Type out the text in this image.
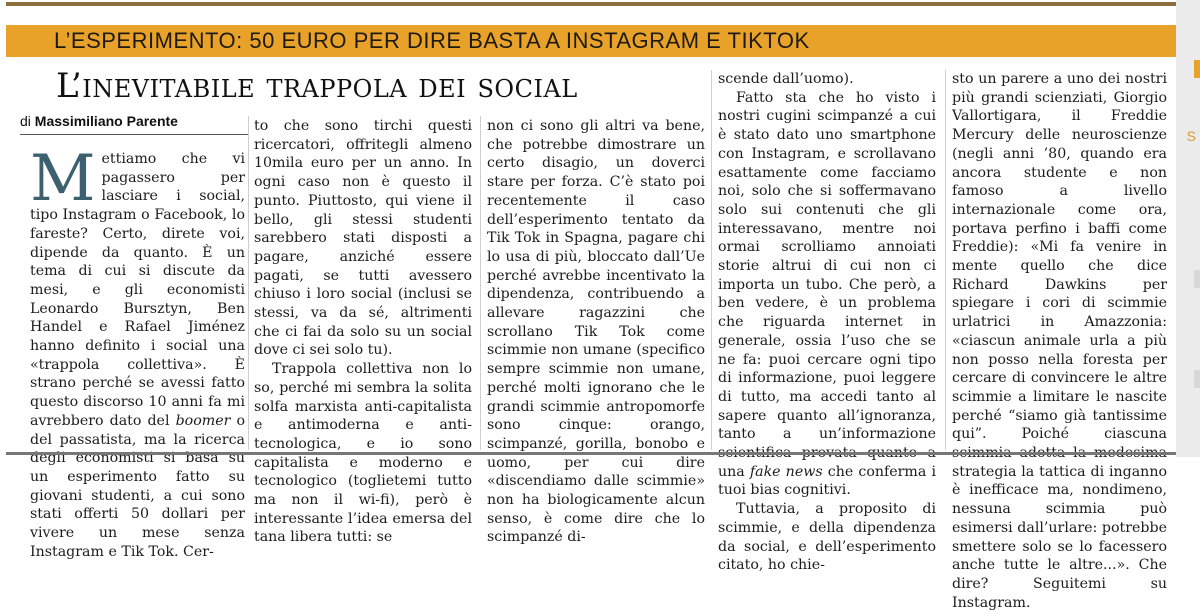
L’ESPERIMENTO: 50 EURO PER DIRE BASTA A INSTAGRAM E TIKTOK
L’inevitabile trappola dei social
di Massimiliano Parente

Mettiamo che vi pagassero per lasciare i social, tipo Instagram o Facebook, lo fareste? Certo, direte voi, dipende da quanto. È un tema di cui si discute da mesi, e gli economisti Leonardo Bursztyn, Ben Handel e Rafael Jiménez hanno definito i social una «trappola collettiva». È strano perché se avessi fatto questo discorso 10 anni fa mi avrebbero dato del boomer o del passatista, ma la ricerca degli economisti si basa su un esperimento fatto su giovani studenti, a cui sono stati offerti 50 dollari per vivere un mese senza Instagram e Tik Tok. Cer-

to che sono tirchi questi ricercatori, offritegli almeno 10mila euro per un anno. In ogni caso non è questo il punto. Piuttosto, qui viene il bello, gli stessi studenti sarebbero stati disposti a pagare, anziché essere pagati, se tutti avessero chiuso i loro social (inclusi se stessi, va da sé, altrimenti che ci fai da solo su un social dove ci sei solo tu).

Trappola collettiva non lo so, perché mi sembra la solita solfa marxista anti-capitalista e antimoderna e anti-tecnologica, e io sono capitalista e moderno e tecnologico (toglietemi tutto ma non il wi-fi), però è interessante l’idea emersa del tana libera tutti: se

non ci sono gli altri va bene, che potrebbe dimostrare un certo disagio, un doverci stare per forza. C’è stato poi recentemente il caso dell’esperimento tentato da Tik Tok in Spagna, pagare chi lo usa di più, bloccato dall’Ue perché avrebbe incentivato la dipendenza, contribuendo a allevare ragazzini che scrollano Tik Tok come scimmie non umane (specifico sempre scimmie non umane, perché molti ignorano che le grandi scimmie antropomorfe sono cinque: orango, scimpanzé, gorilla, bonobo e uomo, per cui dire «discendiamo dalle scimmie» non ha biologicamente alcun senso, è come dire che lo scimpanzé di-

scende dall’uomo).

Fatto sta che ho visto i nostri cugini scimpanzé a cui è stato dato uno smartphone con Instagram, e scrollavano esattamente come facciamo noi, solo che si soffermavano solo sui contenuti che gli interessavano, mentre noi ormai scrolliamo annoiati storie altrui di cui non ci importa un tubo. Che però, a ben vedere, è un problema che riguarda internet in generale, ossia l’uso che se ne fa: puoi cercare ogni tipo di informazione, puoi leggere di tutto, ma accedi tanto al sapere quanto all’ignoranza, tanto a un’informazione scientifica provata quanto a una fake news che conferma i tuoi bias cognitivi.

Tuttavia, a proposito di scimmie, e della dipendenza da social, e dell’esperimento citato, ho chie-

sto un parere a uno dei nostri più grandi scienziati, Giorgio Vallortigara, il Freddie Mercury delle neuroscienze (negli anni ’80, quando era ancora studente e non famoso a livello internazionale come ora, portava perfino i baffi come Freddie): «Mi fa venire in mente quello che dice Richard Dawkins per spiegare i cori di scimmie urlatrici in Amazzonia: «ciascun animale urla a più non posso nella foresta per cercare di convincere le altre scimmie a limitare le nascite perché “siamo già tantissime qui”. Poiché ciascuna scimmia adotta la medesima strategia la tattica di inganno è inefficace ma, nondimeno, nessuna scimmia può esimersi dall’urlare: potrebbe smettere solo se lo facessero anche tutte le altre...». Che dire? Seguitemi su Instagram.

S
